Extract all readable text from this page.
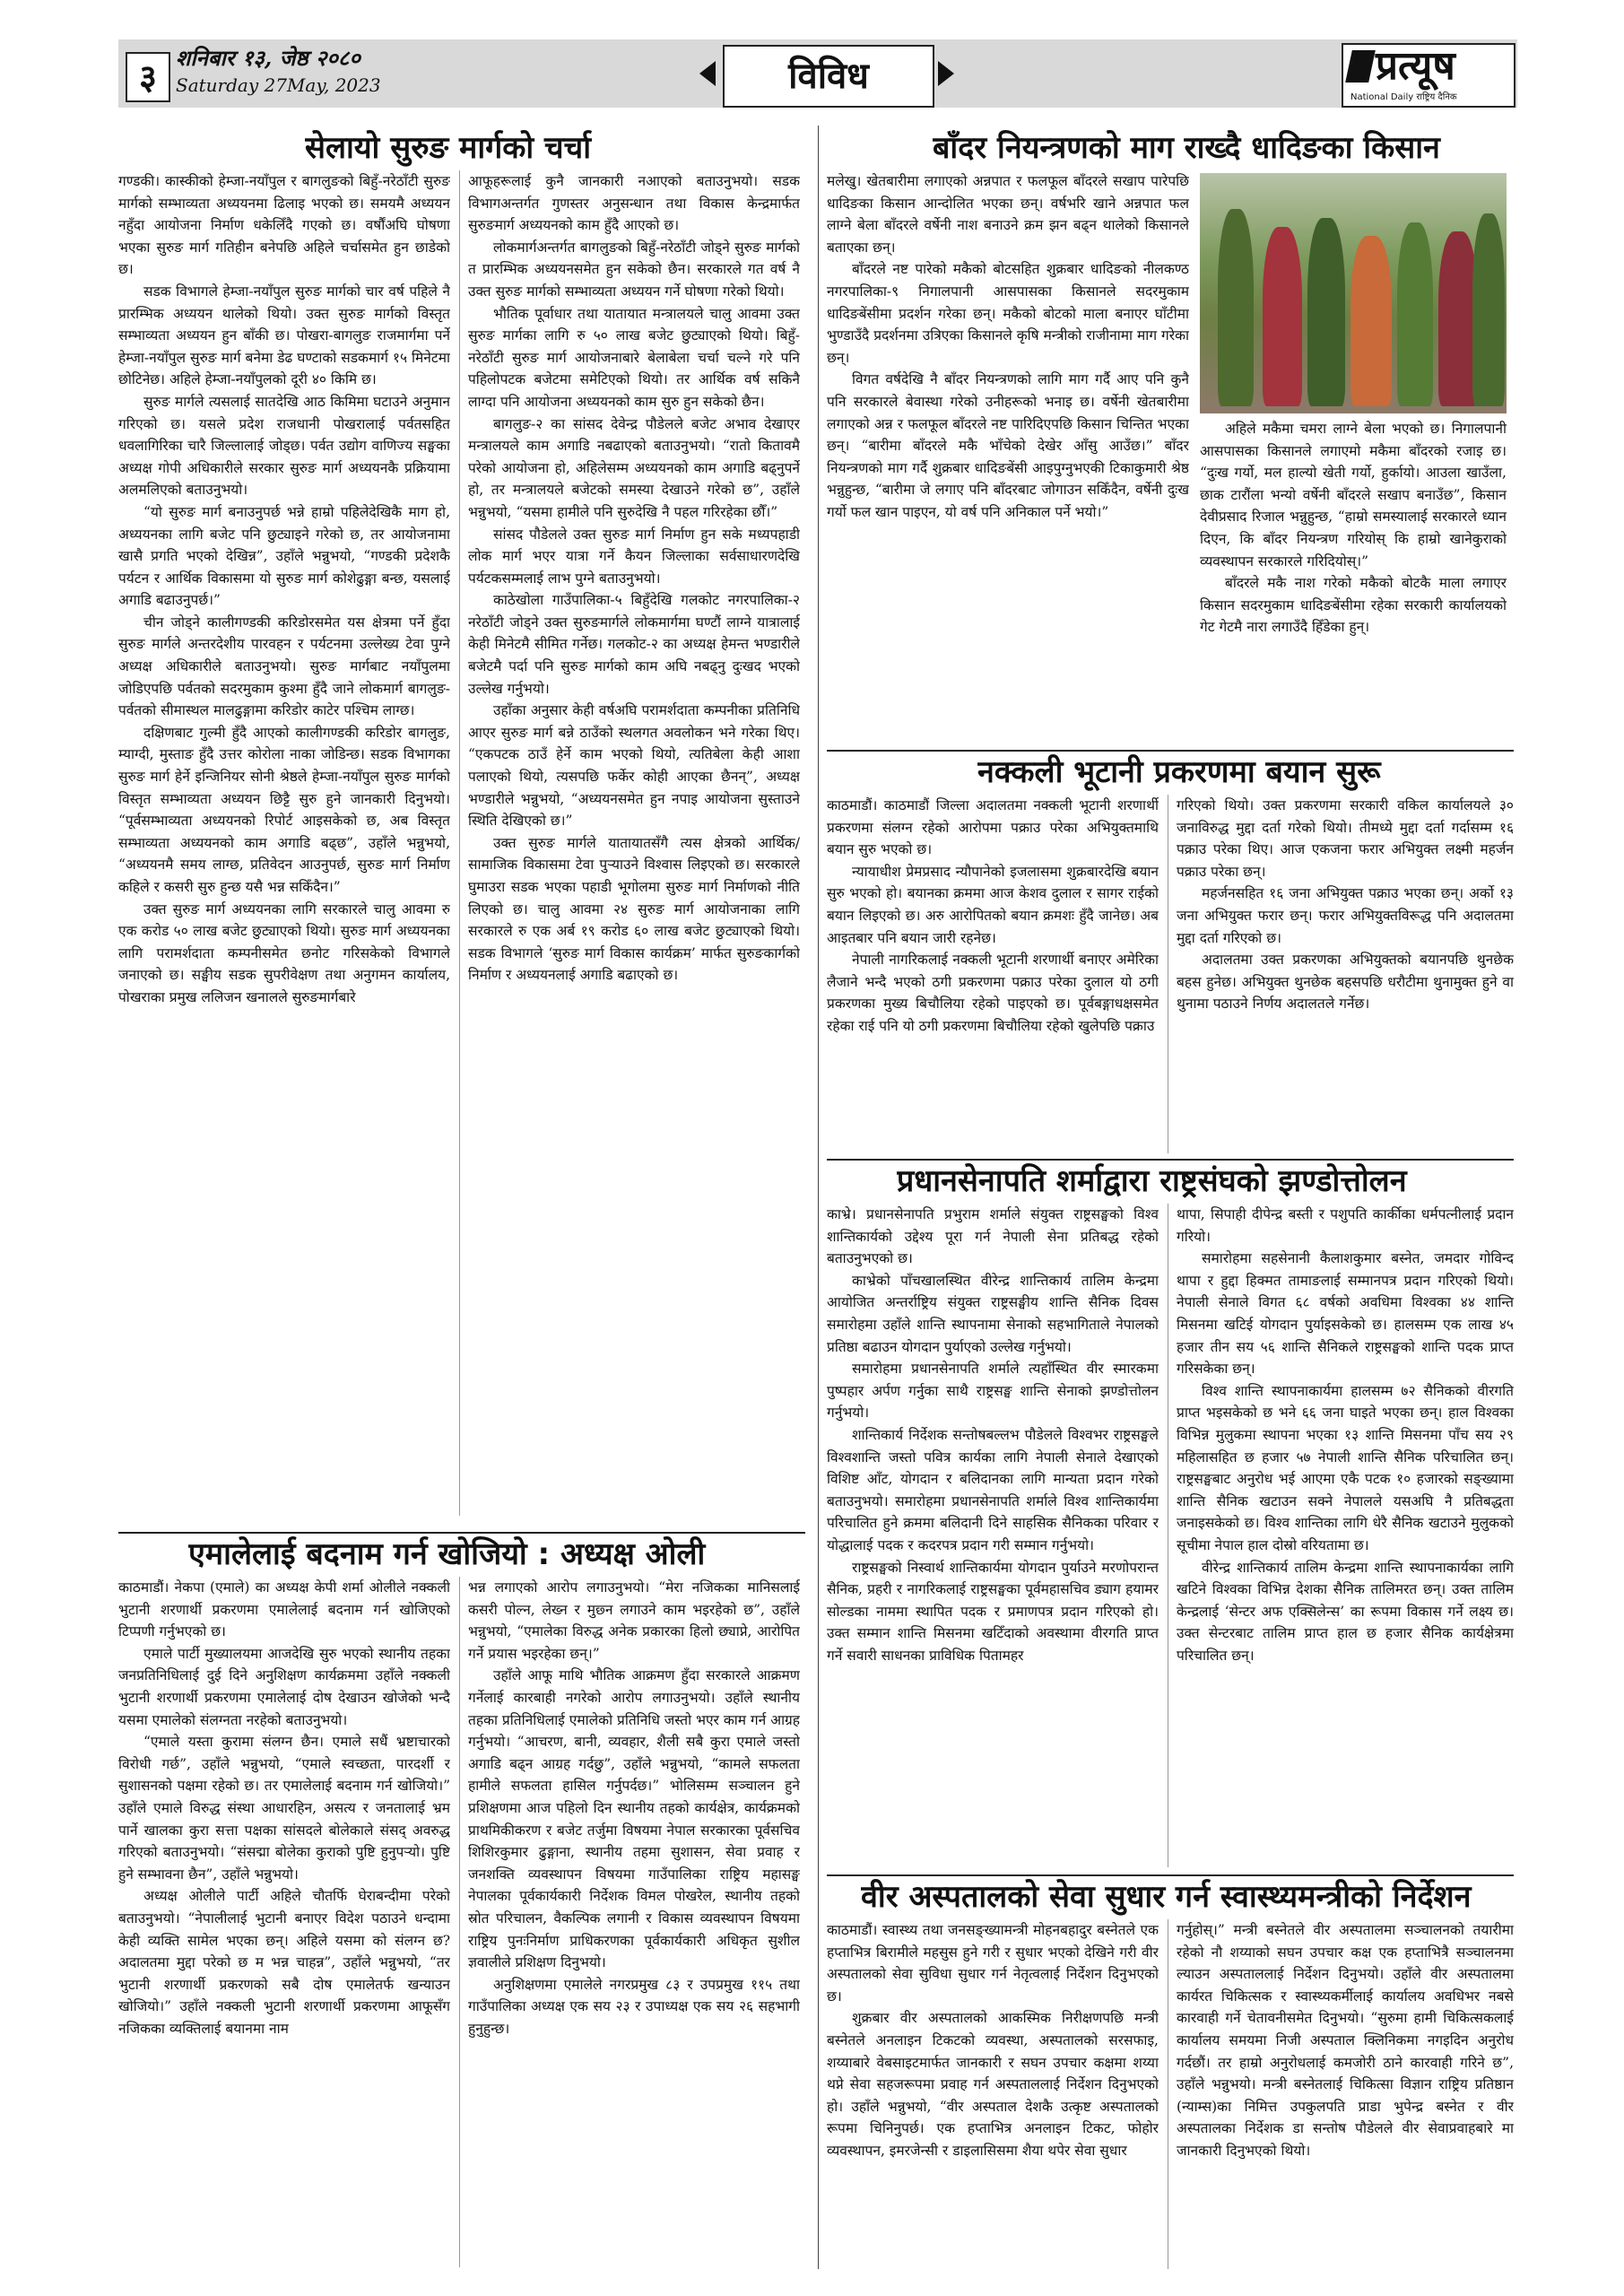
३ शनिबार १३, जेष्ठ २०८०
Saturday 27May, 2023	विविध	प्रत्यूष
National Daily राष्ट्रिय दैनिक
सेलायो सुरुङ मार्गको चर्चा

गण्डकी। कास्कीको हेम्जा-नयाँपुल र बागलुङको बिहुँ-नरेठाँटी सुरुङ मार्गको सम्भाव्यता अध्ययनमा ढिलाइ भएको छ। समयमै अध्ययन नहुँदा आयोजना निर्माण धकेलिँदै गएको छ। वर्षौंअघि घोषणा भएका सुरुङ मार्ग गतिहीन बनेपछि अहिले चर्चासमेत हुन छाडेको छ।

सडक विभागले हेम्जा-नयाँपुल सुरुङ मार्गको चार वर्ष पहिले नै प्रारम्भिक अध्ययन थालेको थियो। उक्त सुरुङ मार्गको विस्तृत सम्भाव्यता अध्ययन हुन बाँकी छ। पोखरा-बागलुङ राजमार्गमा पर्ने हेम्जा-नयाँपुल सुरुङ मार्ग बनेमा डेढ घण्टाको सडकमार्ग १५ मिनेटमा छोटिनेछ। अहिले हेम्जा-नयाँपुलको दूरी ४० किमि छ।

सुरुङ मार्गले त्यसलाई सातदेखि आठ किमिमा घटाउने अनुमान गरिएको छ। यसले प्रदेश राजधानी पोखरालाई पर्वतसहित धवलागिरिका चारै जिल्लालाई जोड्छ। पर्वत उद्योग वाणिज्य सङ्घका अध्यक्ष गोपी अधिकारीले सरकार सुरुङ मार्ग अध्ययनकै प्रक्रियामा अलमलिएको बताउनुभयो।

“यो सुरुङ मार्ग बनाउनुपर्छ भन्ने हाम्रो पहिलेदेखिकै माग हो, अध्ययनका लागि बजेट पनि छुट्याइने गरेको छ, तर आयोजनामा खासै प्रगति भएको देखिन्न”, उहाँले भन्नुभयो, “गण्डकी प्रदेशकै पर्यटन र आर्थिक विकासमा यो सुरुङ मार्ग कोशेढुङ्गा बन्छ, यसलाई अगाडि बढाउनुपर्छ।”

चीन जोड्ने कालीगण्डकी करिडोरसमेत यस क्षेत्रमा पर्ने हुँदा सुरुङ मार्गले अन्तरदेशीय पारवहन र पर्यटनमा उल्लेख्य टेवा पुग्ने अध्यक्ष अधिकारीले बताउनुभयो। सुरुङ मार्गबाट नयाँपुलमा जोडिएपछि पर्वतको सदरमुकाम कुश्मा हुँदै जाने लोकमार्ग बागलुङ-पर्वतको सीमास्थल मालढुङ्गामा करिडोर काटेर पश्चिम लाग्छ।

दक्षिणबाट गुल्मी हुँदै आएको कालीगण्डकी करिडोर बागलुङ, म्याग्दी, मुस्ताङ हुँदै उत्तर कोरोला नाका जोडिन्छ। सडक विभागका सुरुङ मार्ग हेर्ने इन्जिनियर सोनी श्रेष्ठले हेम्जा-नयाँपुल सुरुङ मार्गको विस्तृत सम्भाव्यता अध्ययन छिट्टै सुरु हुने जानकारी दिनुभयो। “पूर्वसम्भाव्यता अध्ययनको रिपोर्ट आइसकेको छ, अब विस्तृत सम्भाव्यता अध्ययनको काम अगाडि बढ्छ”, उहाँले भन्नुभयो, “अध्ययनमै समय लाग्छ, प्रतिवेदन आउनुपर्छ, सुरुङ मार्ग निर्माण कहिले र कसरी सुरु हुन्छ यसै भन्न सकिँदैन।”

उक्त सुरुङ मार्ग अध्ययनका लागि सरकारले चालु आवमा रु एक करोड ५० लाख बजेट छुट्याएको थियो। सुरुङ मार्ग अध्ययनका लागि परामर्शदाता कम्पनीसमेत छनोट गरिसकेको विभागले जनाएको छ। सङ्घीय सडक सुपरीवेक्षण तथा अनुगमन कार्यालय, पोखराका प्रमुख ललिजन खनालले सुरुङमार्गबारे

आफूहरूलाई कुनै जानकारी नआएको बताउनुभयो। सडक विभागअन्तर्गत गुणस्तर अनुसन्धान तथा विकास केन्द्रमार्फत सुरुङमार्ग अध्ययनको काम हुँदै आएको छ।

लोकमार्गअन्तर्गत बागलुङको बिहुँ-नरेठाँटी जोड्ने सुरुङ मार्गको त प्रारम्भिक अध्ययनसमेत हुन सकेको छैन। सरकारले गत वर्ष नै उक्त सुरुङ मार्गको सम्भाव्यता अध्ययन गर्ने घोषणा गरेको थियो।

भौतिक पूर्वाधार तथा यातायात मन्त्रालयले चालु आवमा उक्त सुरुङ मार्गका लागि रु ५० लाख बजेट छुट्याएको थियो। बिहुँ-नरेठाँटी सुरुङ मार्ग आयोजनाबारे बेलाबेला चर्चा चल्ने गरे पनि पहिलोपटक बजेटमा समेटिएको थियो। तर आर्थिक वर्ष सकिनै लाग्दा पनि आयोजना अध्ययनको काम सुरु हुन सकेको छैन।

बागलुङ-२ का सांसद देवेन्द्र पौडेलले बजेट अभाव देखाएर मन्त्रालयले काम अगाडि नबढाएको बताउनुभयो। “रातो कितावमै परेको आयोजना हो, अहिलेसम्म अध्ययनको काम अगाडि बढ्नुपर्ने हो, तर मन्त्रालयले बजेटको समस्या देखाउने गरेको छ”, उहाँले भन्नुभयो, “यसमा हामीले पनि सुरुदेखि नै पहल गरिरहेका छौँ।”

सांसद पौडेलले उक्त सुरुङ मार्ग निर्माण हुन सके मध्यपहाडी लोक मार्ग भएर यात्रा गर्ने कैयन जिल्लाका सर्वसाधारणदेखि पर्यटकसम्मलाई लाभ पुग्ने बताउनुभयो।

काठेखोला गाउँपालिका-५ बिहुँदेखि गलकोट नगरपालिका-२ नरेठाँटी जोड्ने उक्त सुरुङमार्गले लोकमार्गमा घण्टौं लाग्ने यात्रालाई केही मिनेटमै सीमित गर्नेछ। गलकोट-२ का अध्यक्ष हेमन्त भण्डारीले बजेटमै पर्दा पनि सुरुङ मार्गको काम अघि नबढ्नु दुःखद भएको उल्लेख गर्नुभयो।

उहाँका अनुसार केही वर्षअघि परामर्शदाता कम्पनीका प्रतिनिधि आएर सुरुङ मार्ग बन्ने ठाउँको स्थलगत अवलोकन भने गरेका थिए। “एकपटक ठाउँ हेर्ने काम भएको थियो, त्यतिबेला केही आशा पलाएको थियो, त्यसपछि फर्केर कोही आएका छैनन्”, अध्यक्ष भण्डारीले भन्नुभयो, “अध्ययनसमेत हुन नपाइ आयोजना सुस्ताउने स्थिति देखिएको छ।”

उक्त सुरुङ मार्गले यातायातसँगै त्यस क्षेत्रको आर्थिक/सामाजिक विकासमा टेवा पुऱ्याउने विश्वास लिइएको छ। सरकारले घुमाउरा सडक भएका पहाडी भूगोलमा सुरुङ मार्ग निर्माणको नीति लिएको छ। चालु आवमा २४ सुरुङ मार्ग आयोजनाका लागि सरकारले रु एक अर्ब १९ करोड ६० लाख बजेट छुट्याएको थियो। सडक विभागले ‘सुरुङ मार्ग विकास कार्यक्रम’ मार्फत सुरुङकार्गको निर्माण र अध्ययनलाई अगाडि बढाएको छ।

एमालेलाई बदनाम गर्न खोजियो : अध्यक्ष ओली

काठमाडौं। नेकपा (एमाले) का अध्यक्ष केपी शर्मा ओलीले नक्कली भुटानी शरणार्थी प्रकरणमा एमालेलाई बदनाम गर्न खोजिएको टिप्पणी गर्नुभएको छ।

एमाले पार्टी मुख्यालयमा आजदेखि सुरु भएको स्थानीय तहका जनप्रतिनिधिलाई दुई दिने अनुशिक्षण कार्यक्रममा उहाँले नक्कली भुटानी शरणार्थी प्रकरणमा एमालेलाई दोष देखाउन खोजेको भन्दै यसमा एमालेको संलग्नता नरहेको बताउनुभयो।

“एमाले यस्ता कुरामा संलग्न छैन। एमाले सधैं भ्रष्टाचारको विरोधी गर्छ”, उहाँले भन्नुभयो, “एमाले स्वच्छता, पारदर्शी र सुशासनको पक्षमा रहेको छ। तर एमालेलाई बदनाम गर्न खोजियो।” उहाँले एमाले विरुद्ध संस्था आधारहिन, असत्य र जनतालाई भ्रम पार्ने खालका कुरा सत्ता पक्षका सांसदले बोलेकाले संसद् अवरुद्ध गरिएको बताउनुभयो। “संसद्मा बोलेका कुराको पुष्टि हुनुपर्‍यो। पुष्टि हुने सम्भावना छैन”, उहाँले भन्नुभयो।

अध्यक्ष ओलीले पार्टी अहिले चौतर्फि घेराबन्दीमा परेको बताउनुभयो। “नेपालीलाई भुटानी बनाएर विदेश पठाउने धन्दामा केही व्यक्ति सामेल भएका छन्। अहिले यसमा को संलग्न छ? अदालतमा मुद्दा परेको छ म भन्न चाहन्न”, उहाँले भन्नुभयो, “तर भुटानी शरणार्थी प्रकरणको सबै दोष एमालेतर्फ खन्याउन खोजियो।” उहाँले नक्कली भुटानी शरणार्थी प्रकरणमा आफूसँग नजिकका व्यक्तिलाई बयानमा नाम

भन्न लगाएको आरोप लगाउनुभयो। “मेरा नजिकका मानिसलाई कसरी पोल्न, लेख्न र मुछ्न लगाउने काम भइरहेको छ”, उहाँले भन्नुभयो, “एमालेका विरुद्ध अनेक प्रकारका हिलो छ्याप्ने, आरोपित गर्ने प्रयास भइरहेका छन्।”

उहाँले आफू माथि भौतिक आक्रमण हुँदा सरकारले आक्रमण गर्नेलाई कारबाही नगरेको आरोप लगाउनुभयो। उहाँले स्थानीय तहका प्रतिनिधिलाई एमालेको प्रतिनिधि जस्तो भएर काम गर्न आग्रह गर्नुभयो। “आचरण, बानी, व्यवहार, शैली सबै कुरा एमाले जस्तो अगाडि बढ्न आग्रह गर्दछु”, उहाँले भन्नुभयो, “कामले सफलता हामीले सफलता हासिल गर्नुपर्दछ।” भोलिसम्म सञ्चालन हुने प्रशिक्षणमा आज पहिलो दिन स्थानीय तहको कार्यक्षेत्र, कार्यक्रमको प्राथमिकीकरण र बजेट तर्जुमा विषयमा नेपाल सरकारका पूर्वसचिव शिशिरकुमार ढुङ्गाना, स्थानीय तहमा सुशासन, सेवा प्रवाह र जनशक्ति व्यवस्थापन विषयमा गाउँपालिका राष्ट्रिय महासङ्घ नेपालका पूर्वकार्यकारी निर्देशक विमल पोखरेल, स्थानीय तहको स्रोत परिचालन, वैकल्पिक लगानी र विकास व्यवस्थापन विषयमा राष्ट्रिय पुनःनिर्माण प्राधिकरणका पूर्वकार्यकारी अधिकृत सुशील ज्ञवालीले प्रशिक्षण दिनुभयो।

अनुशिक्षणमा एमालेले नगरप्रमुख ८३ र उपप्रमुख ११५ तथा गाउँपालिका अध्यक्ष एक सय २३ र उपाध्यक्ष एक सय २६ सहभागी हुनुहुन्छ।

बाँदर नियन्त्रणको माग राख्दै धादिङका किसान

मलेखु। खेतबारीमा लगाएको अन्नपात र फलफूल बाँदरले सखाप पारेपछि धादिङका किसान आन्दोलित भएका छन्। वर्षभरि खाने अन्नपात फल लाग्ने बेला बाँदरले वर्षेनी नाश बनाउने क्रम झन बढ्न थालेको किसानले बताएका छन्।

बाँदरले नष्ट पारेको मकैको बोटसहित शुक्रबार धादिङको नीलकण्ठ नगरपालिका-९ निगालपानी आसपासका किसानले सदरमुकाम धादिङबेंसीमा प्रदर्शन गरेका छन्। मकैको बोटको माला बनाएर घाँटीमा भुण्डाउँदै प्रदर्शनमा उत्रिएका किसानले कृषि मन्त्रीको राजीनामा माग गरेका छन्।

विगत वर्षदेखि नै बाँदर नियन्त्रणको लागि माग गर्दै आए पनि कुनै पनि सरकारले बेवास्था गरेको उनीहरूको भनाइ छ। वर्षेनी खेतबारीमा लगाएको अन्न र फलफूल बाँदरले नष्ट पारिदिएपछि किसान चिन्तित भएका छन्। “बारीमा बाँदरले मकै भाँचेको देखेर आँसु आउँछ।” बाँदर नियन्त्रणको माग गर्दै शुक्रबार धादिङबेंसी आइपुग्नुभएकी टिकाकुमारी श्रेष्ठ भन्नुहुन्छ, “बारीमा जे लगाए पनि बाँदरबाट जोगाउन सकिँदैन, वर्षेनी दुःख गर्यो फल खान पाइएन, यो वर्ष पनि अनिकाल पर्ने भयो।”

अहिले मकैमा चमरा लाग्ने बेला भएको छ। निगालपानी आसपासका किसानले लगाएमो मकैमा बाँदरको रजाइ छ। “दुःख गर्यो, मल हाल्यो खेती गर्यो, हुर्कायो। आउला खाउँला, छाक टारौंला भन्यो वर्षेनी बाँदरले सखाप बनाउँछ”, किसान देवीप्रसाद रिजाल भन्नुहुन्छ, “हाम्रो समस्यालाई सरकारले ध्यान दिएन, कि बाँदर नियन्त्रण गरियोस् कि हाम्रो खानेकुराको व्यवस्थापन सरकारले गरिदियोस्।”

बाँदरले मकै नाश गरेको मकैको बोटकै माला लगाएर किसान सदरमुकाम धादिङबेंसीमा रहेका सरकारी कार्यालयको गेट गेटमै नारा लगाउँदै हिँडेका हुन्।

नक्कली भूटानी प्रकरणमा बयान सुरू

काठमाडौं। काठमाडौं जिल्ला अदालतमा नक्कली भूटानी शरणार्थी प्रकरणमा संलग्न रहेको आरोपमा पक्राउ परेका अभियुक्तमाथि बयान सुरु भएको छ।

न्यायाधीश प्रेमप्रसाद न्यौपानेको इजलासमा शुक्रबारदेखि बयान सुरु भएको हो। बयानका क्रममा आज केशव दुलाल र सागर राईको बयान लिइएको छ। अरु आरोपितको बयान क्रमशः हुँदै जानेछ। अब आइतबार पनि बयान जारी रहनेछ।

नेपाली नागरिकलाई नक्कली भूटानी शरणार्थी बनाएर अमेरिका लैजाने भन्दै भएको ठगी प्रकरणमा पक्राउ परेका दुलाल यो ठगी प्रकरणका मुख्य बिचौलिया रहेको पाइएको छ। पूर्वबङ्गाधक्षसमेत रहेका राई पनि यो ठगी प्रकरणमा बिचौलिया रहेको खुलेपछि पक्राउ

गरिएको थियो। उक्त प्रकरणमा सरकारी वकिल कार्यालयले ३० जनाविरुद्ध मुद्दा दर्ता गरेको थियो। तीमध्ये मुद्दा दर्ता गर्दासम्म १६ पक्राउ परेका थिए। आज एकजना फरार अभियुक्त लक्ष्मी महर्जन पक्राउ परेका छन्।

महर्जनसहित १६ जना अभियुक्त पक्राउ भएका छन्। अर्को १३ जना अभियुक्त फरार छन्। फरार अभियुक्तविरूद्ध पनि अदालतमा मुद्दा दर्ता गरिएको छ।

अदालतमा उक्त प्रकरणका अभियुक्तको बयानपछि थुनछेक बहस हुनेछ। अभियुक्त थुनछेक बहसपछि धरौटीमा थुनामुक्त हुने वा थुनामा पठाउने निर्णय अदालतले गर्नेछ।

प्रधानसेनापति शर्माद्वारा राष्ट्रसंघको झण्डोत्तोलन

काभ्रे। प्रधानसेनापति प्रभुराम शर्माले संयुक्त राष्ट्रसङ्घको विश्व शान्तिकार्यको उद्देश्य पूरा गर्न नेपाली सेना प्रतिबद्ध रहेको बताउनुभएको छ।

काभ्रेको पाँचखालस्थित वीरेन्द्र शान्तिकार्य तालिम केन्द्रमा आयोजित अन्तर्राष्ट्रिय संयुक्त राष्ट्रसङ्घीय शान्ति सैनिक दिवस समारोहमा उहाँले शान्ति स्थापनामा सेनाको सहभागिताले नेपालको प्रतिष्ठा बढाउन योगदान पुर्याएको उल्लेख गर्नुभयो।

समारोहमा प्रधानसेनापति शर्माले त्यहाँस्थित वीर स्मारकमा पुष्पहार अर्पण गर्नुका साथै राष्ट्रसङ्घ शान्ति सेनाको झण्डोत्तोलन गर्नुभयो।

शान्तिकार्य निर्देशक सन्तोषबल्लभ पौडेलले विश्वभर राष्ट्रसङ्घले विश्वशान्ति जस्तो पवित्र कार्यका लागि नेपाली सेनाले देखाएको विशिष्ट आँट, योगदान र बलिदानका लागि मान्यता प्रदान गरेको बताउनुभयो। समारोहमा प्रधानसेनापति शर्माले विश्व शान्तिकार्यमा परिचालित हुने क्रममा बलिदानी दिने साहसिक सैनिकका परिवार र योद्धालाई पदक र कदरपत्र प्रदान गरी सम्मान गर्नुभयो।

राष्ट्रसङ्घको निस्वार्थ शान्तिकार्यमा योगदान पुर्याउने मरणोपरान्त सैनिक, प्रहरी र नागरिकलाई राष्ट्रसङ्घका पूर्वमहासचिव ड्याग हयामर सोल्डका नाममा स्थापित पदक र प्रमाणपत्र प्रदान गरिएको हो। उक्त सम्मान शान्ति मिसनमा खटिँदाको अवस्थामा वीरगति प्राप्त गर्ने सवारी साधनका प्राविधिक पितामहर

थापा, सिपाही दीपेन्द्र बस्ती र पशुपति कार्कीका धर्मपत्नीलाई प्रदान गरियो।

समारोहमा सहसेनानी कैलाशकुमार बस्नेत, जमदार गोविन्द थापा र हुद्दा हिक्मत तामाङलाई सम्मानपत्र प्रदान गरिएको थियो। नेपाली सेनाले विगत ६८ वर्षको अवधिमा विश्वका ४४ शान्ति मिसनमा खटिई योगदान पुर्याइसकेको छ। हालसम्म एक लाख ४५ हजार तीन सय ५६ शान्ति सैनिकले राष्ट्रसङ्घको शान्ति पदक प्राप्त गरिसकेका छन्।

विश्व शान्ति स्थापनाकार्यमा हालसम्म ७२ सैनिकको वीरगति प्राप्त भइसकेको छ भने ६६ जना घाइते भएका छन्। हाल विश्वका विभिन्न मुलुकमा स्थापना भएका १३ शान्ति मिसनमा पाँच सय २९ महिलासहित छ हजार ५७ नेपाली शान्ति सैनिक परिचालित छन्। राष्ट्रसङ्घबाट अनुरोध भई आएमा एकै पटक १० हजारको सङ्ख्यामा शान्ति सैनिक खटाउन सक्ने नेपालले यसअघि नै प्रतिबद्धता जनाइसकेको छ। विश्व शान्तिका लागि धेरै सैनिक खटाउने मुलुकको सूचीमा नेपाल हाल दोस्रो वरियतामा छ।

वीरेन्द्र शान्तिकार्य तालिम केन्द्रमा शान्ति स्थापनाकार्यका लागि खटिने विश्वका विभिन्न देशका सैनिक तालिमरत छन्। उक्त तालिम केन्द्रलाई ‘सेन्टर अफ एक्सिलेन्स’ का रूपमा विकास गर्ने लक्ष्य छ। उक्त सेन्टरबाट तालिम प्राप्त हाल छ हजार सैनिक कार्यक्षेत्रमा परिचालित छन्।

वीर अस्पतालको सेवा सुधार गर्न स्वास्थ्यमन्त्रीको निर्देशन

काठमाडौं। स्वास्थ्य तथा जनसङ्ख्यामन्त्री मोहनबहादुर बस्नेतले एक हप्ताभित्र बिरामीले महसुस हुने गरी र सुधार भएको देखिने गरी वीर अस्पतालको सेवा सुविधा सुधार गर्न नेतृत्वलाई निर्देशन दिनुभएको छ।

शुक्रबार वीर अस्पतालको आकस्मिक निरीक्षणपछि मन्त्री बस्नेतले अनलाइन टिकटको व्यवस्था, अस्पतालको सरसफाइ, शय्याबारे वेबसाइटमार्फत जानकारी र सघन उपचार कक्षमा शय्या थप्ने सेवा सहजरूपमा प्रवाह गर्न अस्पताललाई निर्देशन दिनुभएको हो। उहाँले भन्नुभयो, “वीर अस्पताल देशकै उत्कृष्ट अस्पतालको रूपमा चिनिनुपर्छ। एक हप्ताभित्र अनलाइन टिकट, फोहोर व्यवस्थापन, इमरजेन्सी र डाइलासिसमा शैया थपेर सेवा सुधार

गर्नुहोस्।” मन्त्री बस्नेतले वीर अस्पतालमा सञ्चालनको तयारीमा रहेको नौ शय्याको सघन उपचार कक्ष एक हप्ताभित्रै सञ्चालनमा ल्याउन अस्पताललाई निर्देशन दिनुभयो। उहाँले वीर अस्पतालमा कार्यरत चिकित्सक र स्वास्थ्यकर्मीलाई कार्यालय अवधिभर नबसे कारवाही गर्ने चेतावनीसमेत दिनुभयो। “सुरुमा हामी चिकित्सकलाई कार्यालय समयमा निजी अस्पताल क्लिनिकमा नगइदिन अनुरोध गर्दछौं। तर हाम्रो अनुरोधलाई कमजोरी ठाने कारवाही गरिने छ”, उहाँले भन्नुभयो। मन्त्री बस्नेतलाई चिकित्सा विज्ञान राष्ट्रिय प्रतिष्ठान (न्याम्स)का निमित्त उपकुलपति प्राडा भुपेन्द्र बस्नेत र वीर अस्पतालका निर्देशक डा सन्तोष पौडेलले वीर सेवाप्रवाहबारे मा जानकारी दिनुभएको थियो।
